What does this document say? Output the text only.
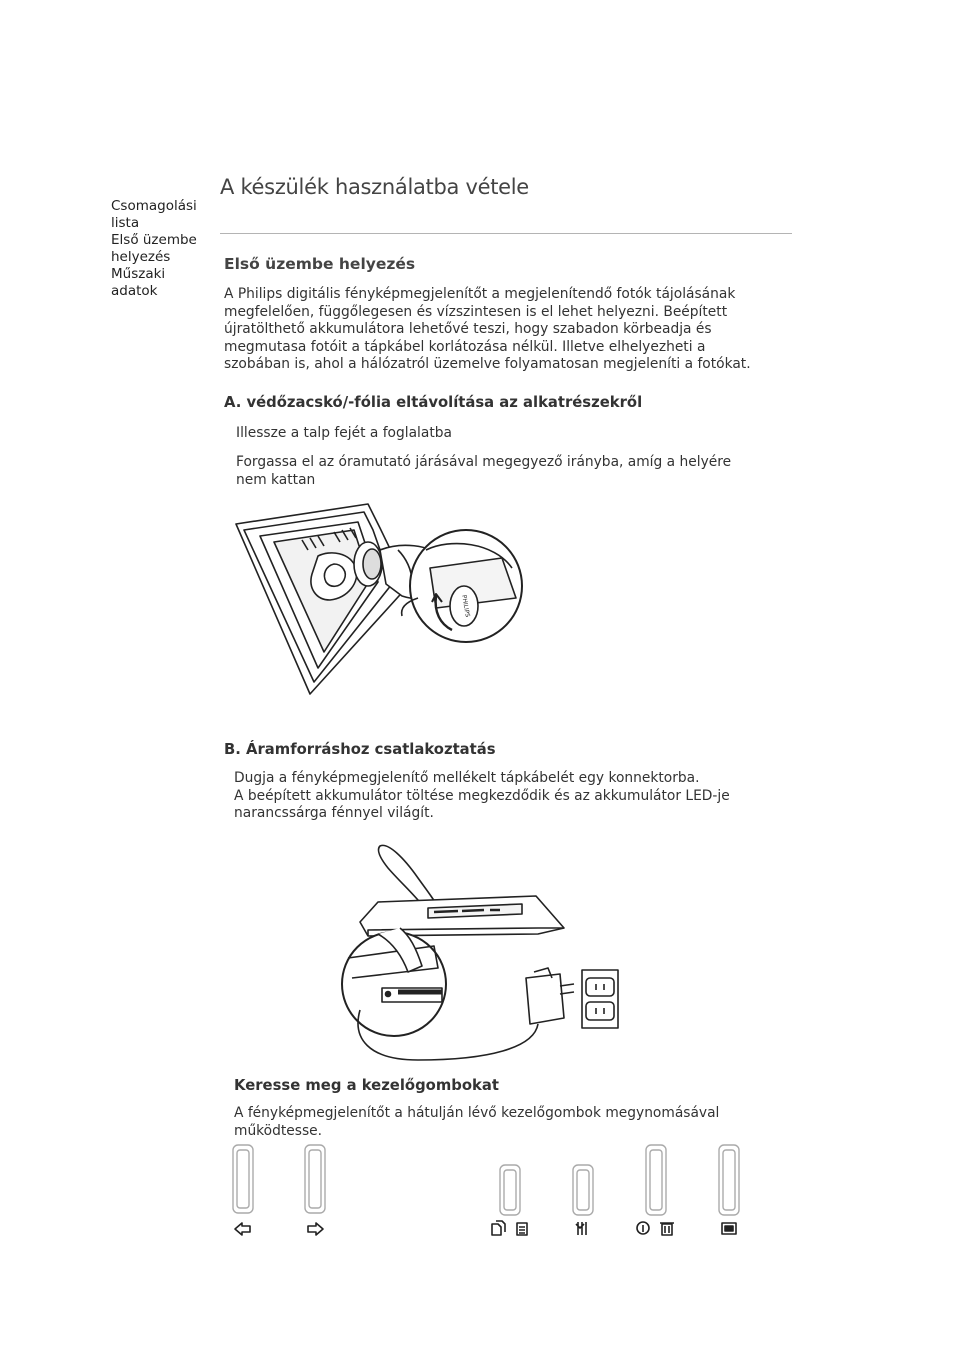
Csomagolási
lista
Első üzembe
helyezés
Műszaki
adatok
A készülék használatba vétele
Első üzembe helyezés
A Philips digitális fényképmegjelenítőt a megjelenítendő fotók tájolásának
megfelelően, függőlegesen és vízszintesen is el lehet helyezni. Beépített
újratölthető akkumulátora lehetővé teszi, hogy szabadon körbeadja és
megmutasa fotóit a tápkábel korlátozása nélkül. Illetve elhelyezheti a
szobában is, ahol a hálózatról üzemelve folyamatosan megjeleníti a fotókat.
A. védőzacskó/-fólia eltávolítása az alkatrészekről
Illessze a talp fejét a foglalatba
Forgassa el az óramutató járásával megegyező irányba, amíg a helyére
nem kattan
PHILIPS
B. Áramforráshoz csatlakoztatás
Dugja a fényképmegjelenítő mellékelt tápkábelét egy konnektorba.
A beépített akkumulátor töltése megkezdődik és az akkumulátor LED-je
narancssárga fénnyel világít.
Keresse meg a kezelőgombokat
A fényképmegjelenítőt a hátulján lévő kezelőgombok megynomásával
működtesse.
